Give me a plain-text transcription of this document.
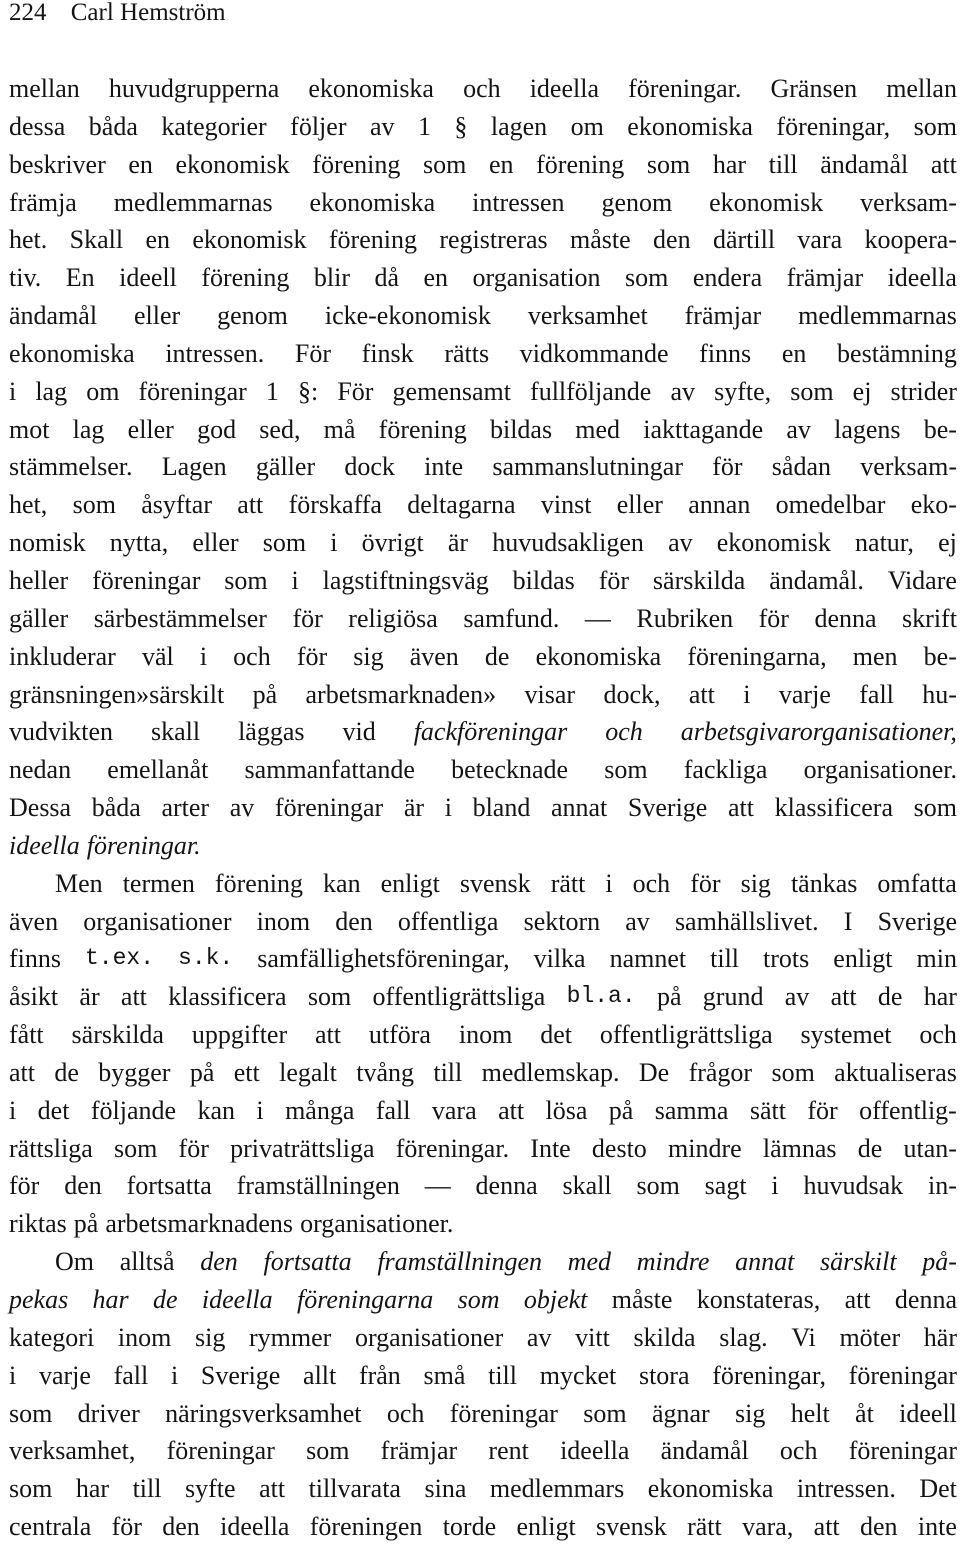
224 Carl Hemström
mellan huvudgrupperna ekonomiska och ideella föreningar. Gränsen mellan
dessa båda kategorier följer av 1 § lagen om ekonomiska föreningar, som
beskriver en ekonomisk förening som en förening som har till ändamål att
främja medlemmarnas ekonomiska intressen genom ekonomisk verksam-
het. Skall en ekonomisk förening registreras måste den därtill vara kooperа-
tiv. En ideell förening blir då en organisation som endera främjar ideella
ändamål eller genom icke-ekonomisk verksamhet främjar medlemmarnas
ekonomiska intressen. För finsk rätts vidkommande finns en bestämning
i lag om föreningar 1 §: För gemensamt fullföljande av syfte, som ej strider
mot lag eller god sed, må förening bildas med iakttagande av lagens be-
stämmelser. Lagen gäller dock inte sammanslutningar för sådan verksam-
het, som åsyftar att förskaffa deltagarna vinst eller annan omedelbar eko-
nomisk nytta, eller som i övrigt är huvudsakligen av ekonomisk natur, ej
heller föreningar som i lagstiftningsväg bildas för särskilda ändamål. Vidare
gäller särbestämmelser för religiösa samfund. — Rubriken för denna skrift
inkluderar väl i och för sig även de ekonomiska föreningarna, men be-
gränsningen»särskilt på arbetsmarknaden» visar dock, att i varje fall hu-
vudvikten skall läggas vid fackföreningar och arbetsgivarorganisationer,
nedan emellanåt sammanfattande betecknade som fackliga organisationer.
Dessa båda arter av föreningar är i bland annat Sverige att klassificera som
ideella föreningar.
Men termen förening kan enligt svensk rätt i och för sig tänkas omfatta
även organisationer inom den offentliga sektorn av samhällslivet. I Sverige
finns t.ex. s.k. samfällighetsföreningar, vilka namnet till trots enligt min
åsikt är att klassificera som offentligrättsliga bl.a. på grund av att de har
fått särskilda uppgifter att utföra inom det offentligrättsliga systemet och
att de bygger på ett legalt tvång till medlemskap. De frågor som aktualiseras
i det följande kan i många fall vara att lösa på samma sätt för offentlig-
rättsliga som för privaträttsliga föreningar. Inte desto mindre lämnas de utan-
för den fortsatta framställningen — denna skall som sagt i huvudsak in-
riktas på arbetsmarknadens organisationer.
Om alltså den fortsatta framställningen med mindre annat särskilt på-
pekas har de ideella föreningarna som objekt måste konstateras, att denna
kategori inom sig rymmer organisationer av vitt skilda slag. Vi möter här
i varje fall i Sverige allt från små till mycket stora föreningar, föreningar
som driver näringsverksamhet och föreningar som ägnar sig helt åt ideell
verksamhet, föreningar som främjar rent ideella ändamål och föreningar
som har till syfte att tillvarata sina medlemmars ekonomiska intressen. Det
centrala för den ideella föreningen torde enligt svensk rätt vara, att den inte
